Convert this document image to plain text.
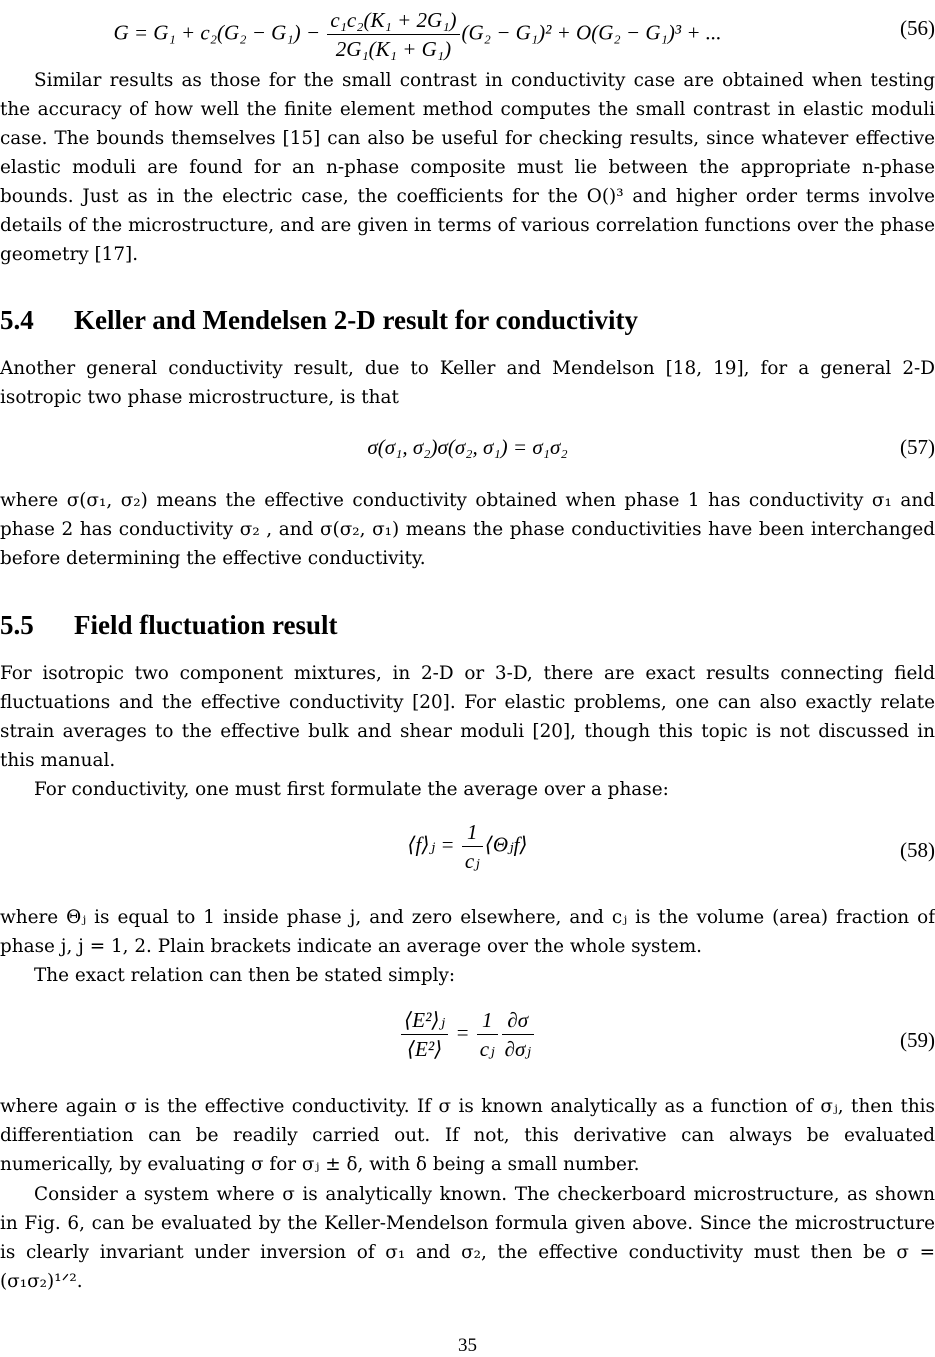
$G = G_1 + c_2(G_2 - G_1) - \frac{\text{c₁c₂(K₁ + 2G₁)}}{\text{2G₁(K₁ + G₁)}} (G_2 - G_1)^2 + O(G_2 - G_1)^3$ + ...	(56)

Similar results as those for the small contrast in conductivity case are obtained when testing the accuracy of how well the finite element method computes the small contrast in elastic moduli case. The bounds themselves [15] can also be useful for checking results, since whatever effective elastic moduli are found for an n-phase composite must lie between the appropriate n-phase bounds. Just as in the electric case, the coefficients for the O()³ and higher order terms involve details of the microstructure, and are given in terms of various correlation functions over the phase geometry [17].

5.4 Keller and Mendelsen 2-D result for conductivity

Another general conductivity result, due to Keller and Mendelson [18, 19], for a general 2-D isotropic two phase microstructure, is that

σ(σ₁, σ₂)σ(σ₂, σ₁) = σ₁σ₂	(57)

where σ(σ₁, σ₂) means the effective conductivity obtained when phase 1 has conductivity σ₁ and phase 2 has conductivity σ₂ , and σ(σ₂, σ₁) means the phase conductivities have been interchanged before determining the effective conductivity.

5.5 Field fluctuation result

For isotropic two component mixtures, in 2-D or 3-D, there are exact results connecting field fluctuations and the effective conductivity [20]. For elastic problems, one can also exactly relate strain averages to the effective bulk and shear moduli [20], though this topic is not discussed in this manual.

For conductivity, one must first formulate the average over a phase:

⟨f⟩ⱼ = $\frac{1}{\text{cⱼ}}$ ⟨Θⱼf⟩	(58)

where Θⱼ is equal to 1 inside phase j, and zero elsewhere, and cⱼ is the volume (area) fraction of phase j, j = 1, 2. Plain brackets indicate an average over the whole system.

The exact relation can then be stated simply:

$\frac{\text{⟨E²⟩ⱼ}}{\text{⟨E²⟩}} = \frac{1}{\text{cⱼ}} \frac{\partial\sigma}{\text{∂σⱼ}}$	(59)

where again σ is the effective conductivity. If σ is known analytically as a function of σⱼ, then this differentiation can be readily carried out. If not, this derivative can always be evaluated numerically, by evaluating σ for σⱼ ± δ, with δ being a small number.

Consider a system where σ is analytically known. The checkerboard microstructure, as shown in Fig. 6, can be evaluated by the Keller-Mendelson formula given above. Since the microstructure is clearly invariant under inversion of σ₁ and σ₂, the effective conductivity must then be σ = (σ₁σ₂)¹ᐟ².

35
